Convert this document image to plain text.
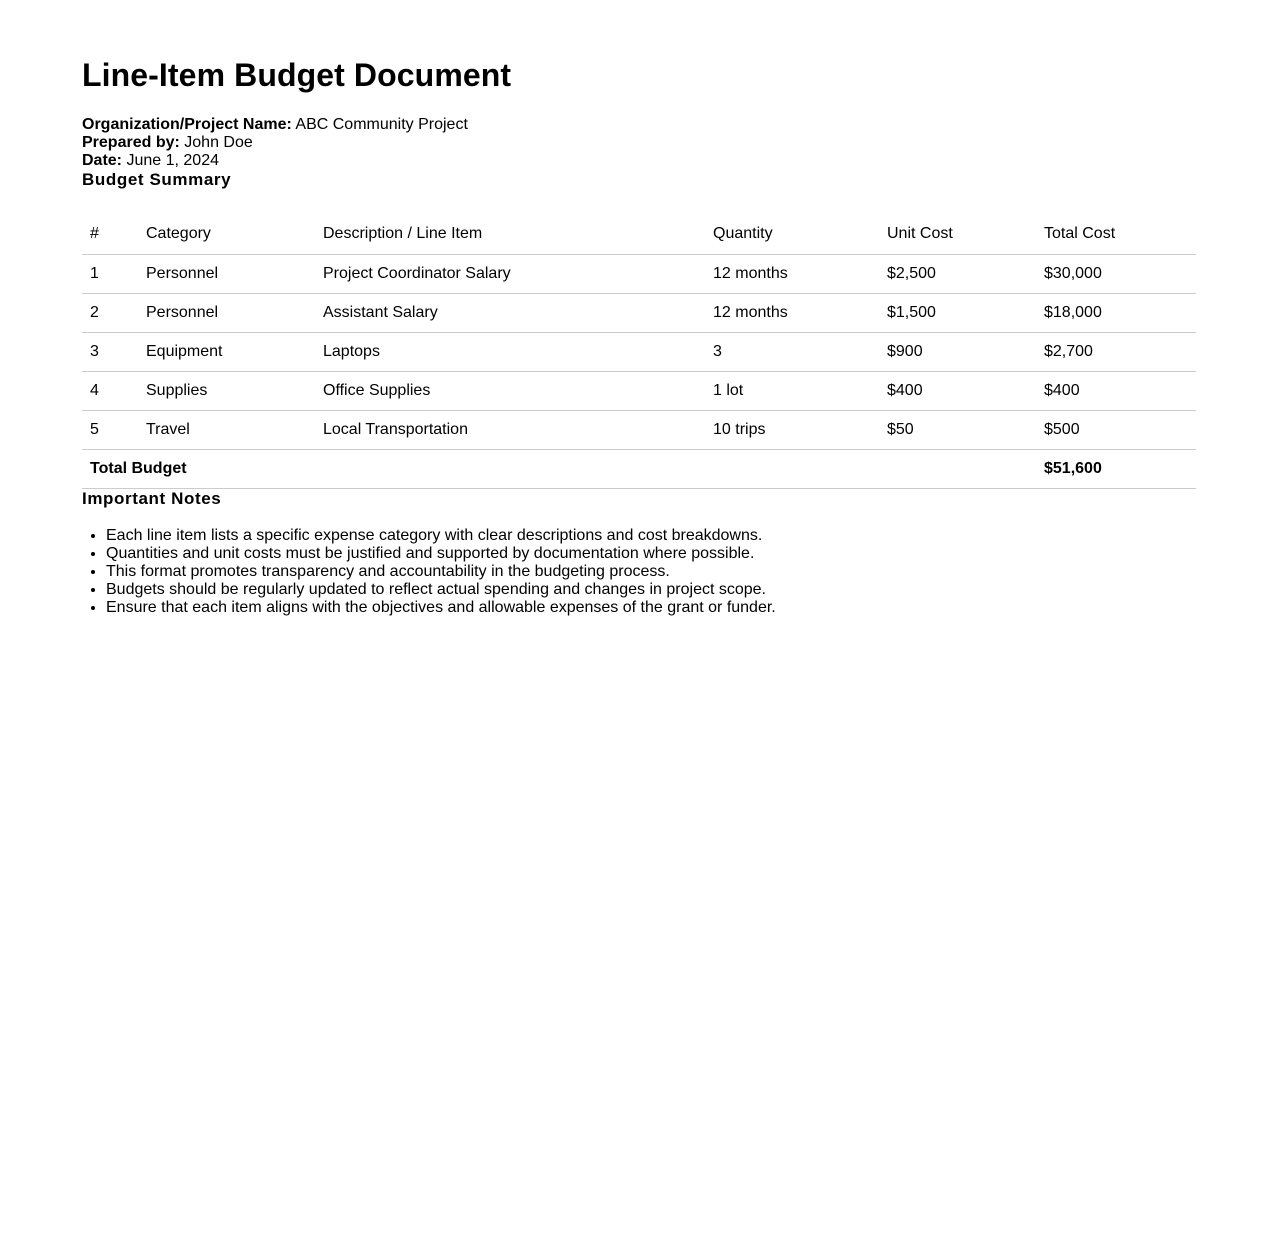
Line-Item Budget Document
Organization/Project Name: ABC Community Project
Prepared by: John Doe
Date: June 1, 2024
Budget Summary
#	Category	Description / Line Item	Quantity	Unit Cost	Total Cost
1	Personnel	Project Coordinator Salary	12 months	$2,500	$30,000
2	Personnel	Assistant Salary	12 months	$1,500	$18,000
3	Equipment	Laptops	3	$900	$2,700
4	Supplies	Office Supplies	1 lot	$400	$400
5	Travel	Local Transportation	10 trips	$50	$500
Total Budget					$51,600
Important Notes
• Each line item lists a specific expense category with clear descriptions and cost breakdowns.
• Quantities and unit costs must be justified and supported by documentation where possible.
• This format promotes transparency and accountability in the budgeting process.
• Budgets should be regularly updated to reflect actual spending and changes in project scope.
• Ensure that each item aligns with the objectives and allowable expenses of the grant or funder.
